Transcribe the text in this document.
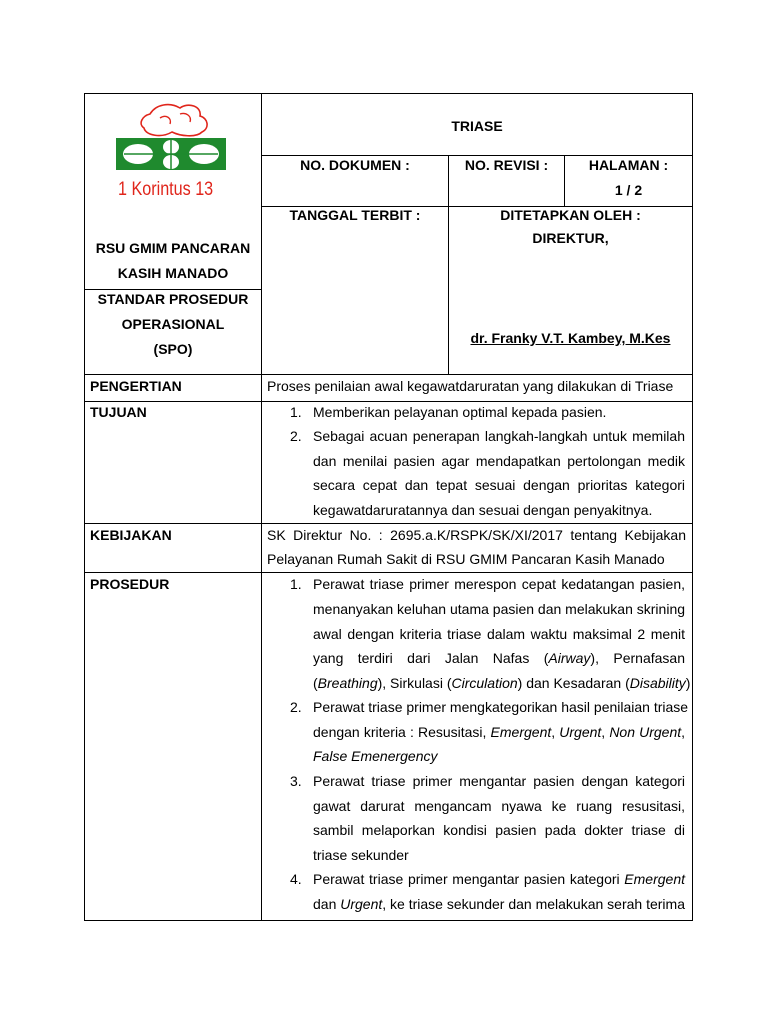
1 Korintus 13
RSU GMIM PANCARAN
KASIH MANADO
STANDAR PROSEDUR
OPERASIONAL
(SPO)
TRIASE
NO. DOKUMEN :	NO. REVISI :	HALAMAN :
1 / 2
TANGGAL TERBIT :	DITETAPKAN OLEH :
DIREKTUR,
dr. Franky V.T. Kambey, M.Kes
PENGERTIAN	Proses penilaian awal kegawatdaruratan yang dilakukan di Triase
TUJUAN	1. Memberikan pelayanan optimal kepada pasien.
2. Sebagai acuan penerapan langkah-langkah untuk memilah
dan menilai pasien agar mendapatkan pertolongan medik
secara cepat dan tepat sesuai dengan prioritas kategori
kegawatdaruratannya dan sesuai dengan penyakitnya.
KEBIJAKAN	SK Direktur No. : 2695.a.K/RSPK/SK/XI/2017 tentang Kebijakan
Pelayanan Rumah Sakit di RSU GMIM Pancaran Kasih Manado
PROSEDUR	1. Perawat triase primer merespon cepat kedatangan pasien,
menanyakan keluhan utama pasien dan melakukan skrining
awal dengan kriteria triase dalam waktu maksimal 2 menit
yang terdiri dari Jalan Nafas (Airway), Pernafasan
(Breathing), Sirkulasi (Circulation) dan Kesadaran (Disability)
2. Perawat triase primer mengkategorikan hasil penilaian triase
dengan kriteria : Resusitasi, Emergent, Urgent, Non Urgent,
False Emenergency
3. Perawat triase primer mengantar pasien dengan kategori
gawat darurat mengancam nyawa ke ruang resusitasi,
sambil melaporkan kondisi pasien pada dokter triase di
triase sekunder
4. Perawat triase primer mengantar pasien kategori Emergent
dan Urgent, ke triase sekunder dan melakukan serah terima
